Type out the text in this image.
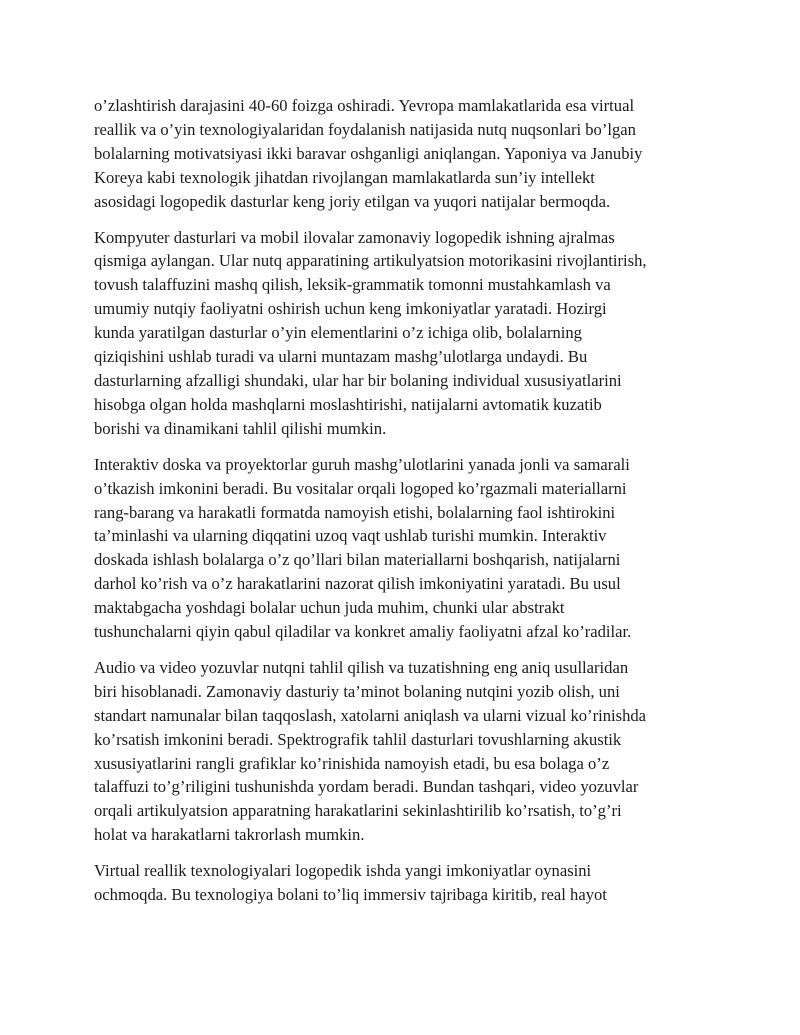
o’zlashtirish darajasini 40-60 foizga oshiradi. Yevropa mamlakatlarida esa virtual
reallik va o’yin texnologiyalaridan foydalanish natijasida nutq nuqsonlari bo’lgan
bolalarning motivatsiyasi ikki baravar oshganligi aniqlangan. Yaponiya va Janubiy
Koreya kabi texnologik jihatdan rivojlangan mamlakatlarda sun’iy intellekt
asosidagi logopedik dasturlar keng joriy etilgan va yuqori natijalar bermoqda.

Kompyuter dasturlari va mobil ilovalar zamonaviy logopedik ishning ajralmas
qismiga aylangan. Ular nutq apparatining artikulyatsion motorikasini rivojlantirish,
tovush talaffuzini mashq qilish, leksik-grammatik tomonni mustahkamlash va
umumiy nutqiy faoliyatni oshirish uchun keng imkoniyatlar yaratadi. Hozirgi
kunda yaratilgan dasturlar o’yin elementlarini o’z ichiga olib, bolalarning
qiziqishini ushlab turadi va ularni muntazam mashg’ulotlarga undaydi. Bu
dasturlarning afzalligi shundaki, ular har bir bolaning individual xususiyatlarini
hisobga olgan holda mashqlarni moslashtirishi, natijalarni avtomatik kuzatib
borishi va dinamikani tahlil qilishi mumkin.

Interaktiv doska va proyektorlar guruh mashg’ulotlarini yanada jonli va samarali
o’tkazish imkonini beradi. Bu vositalar orqali logoped ko’rgazmali materiallarni
rang-barang va harakatli formatda namoyish etishi, bolalarning faol ishtirokini
ta’minlashi va ularning diqqatini uzoq vaqt ushlab turishi mumkin. Interaktiv
doskada ishlash bolalarga o’z qo’llari bilan materiallarni boshqarish, natijalarni
darhol ko’rish va o’z harakatlarini nazorat qilish imkoniyatini yaratadi. Bu usul
maktabgacha yoshdagi bolalar uchun juda muhim, chunki ular abstrakt
tushunchalarni qiyin qabul qiladilar va konkret amaliy faoliyatni afzal ko’radilar.

Audio va video yozuvlar nutqni tahlil qilish va tuzatishning eng aniq usullaridan
biri hisoblanadi. Zamonaviy dasturiy ta’minot bolaning nutqini yozib olish, uni
standart namunalar bilan taqqoslash, xatolarni aniqlash va ularni vizual ko’rinishda
ko’rsatish imkonini beradi. Spektrografik tahlil dasturlari tovushlarning akustik
xususiyatlarini rangli grafiklar ko’rinishida namoyish etadi, bu esa bolaga o’z
talaffuzi to’g’riligini tushunishda yordam beradi. Bundan tashqari, video yozuvlar
orqali artikulyatsion apparatning harakatlarini sekinlashtirilib ko’rsatish, to’g’ri
holat va harakatlarni takrorlash mumkin.

Virtual reallik texnologiyalari logopedik ishda yangi imkoniyatlar oynasini
ochmoqda. Bu texnologiya bolani to’liq immersiv tajribaga kiritib, real hayot
